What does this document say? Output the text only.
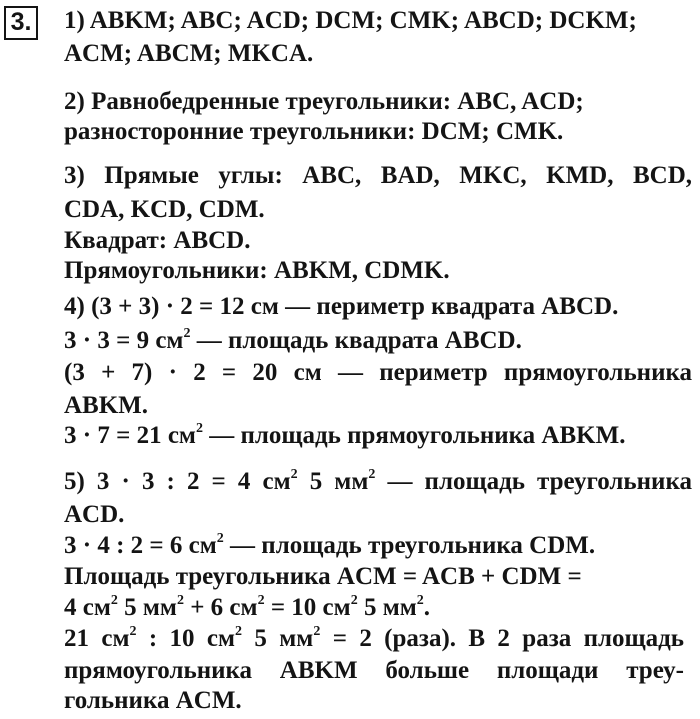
3. 1) ABKM; ABC; ACD; DCM; CMK; ABCD; DCKM;
ACM; ABCM; MKCA.
2) Равнобедренные треугольники: ABC, ACD;
разносторонние треугольники: DCM; CMK.
3) Прямые углы: ABC, BAD, MKC, KMD, BCD,
CDA, KCD, CDM.
Квадрат: ABCD.
Прямоугольники: ABKM, CDMK.
4) (3 + 3) · 2 = 12 см — периметр квадрата ABCD.
3 · 3 = 9 $см^2$ — площадь квадрата ABCD.
(3 + 7) · 2 = 20 см — периметр прямоугольника
ABKM.
3 · 7 = 21 $см^2$ — площадь прямоугольника ABKM.
5) 3 · 3 : 2 = 4 $см^2$ 5 $мм^2$ — площадь треугольника
ACD.
3 · 4 : 2 = 6 $см^2$ — площадь треугольника CDM.
Площадь треугольника ACM = ACB + CDM =
4 $см^2$ 5 $мм^2 + 6$ $см^2 = 10$ $см^2$ 5 $мм^2$.
21 $см^2$ : 10 $см^2$ 5 $мм^2 = 2$ (раза). В 2 раза площадь
прямоугольника ABKM больше площади треу-
гольника ACM.
